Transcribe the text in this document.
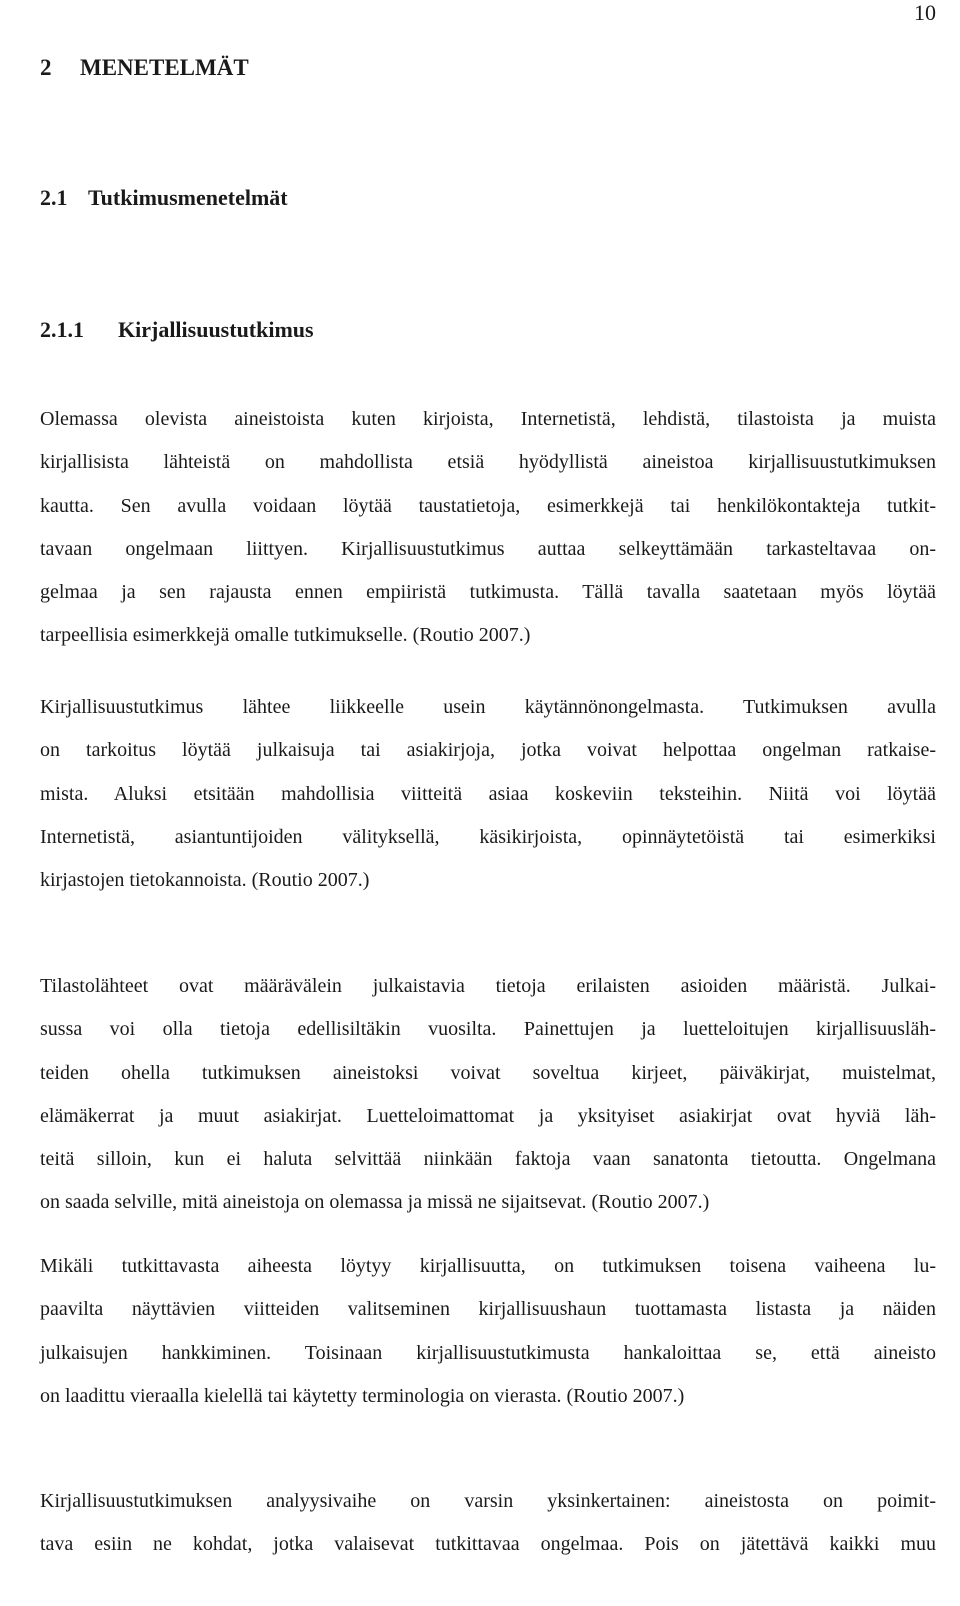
10
2 MENETELMÄT
2.1 Tutkimusmenetelmät
2.1.1 Kirjallisuustutkimus
Olemassa olevista aineistoista kuten kirjoista, Internetistä, lehdistä, tilastoista ja muista
kirjallisista lähteistä on mahdollista etsiä hyödyllistä aineistoa kirjallisuustutkimuksen
kautta. Sen avulla voidaan löytää taustatietoja, esimerkkejä tai henkilökontakteja tutkit-
tavaan ongelmaan liittyen. Kirjallisuustutkimus auttaa selkeyttämään tarkasteltavaa on-
gelmaa ja sen rajausta ennen empiiristä tutkimusta. Tällä tavalla saatetaan myös löytää
tarpeellisia esimerkkejä omalle tutkimukselle. (Routio 2007.)
Kirjallisuustutkimus lähtee liikkeelle usein käytännönongelmasta. Tutkimuksen avulla
on tarkoitus löytää julkaisuja tai asiakirjoja, jotka voivat helpottaa ongelman ratkaise-
mista. Aluksi etsitään mahdollisia viitteitä asiaa koskeviin teksteihin. Niitä voi löytää
Internetistä, asiantuntijoiden välityksellä, käsikirjoista, opinnäytetöistä tai esimerkiksi
kirjastojen tietokannoista. (Routio 2007.)
Tilastolähteet ovat määrävälein julkaistavia tietoja erilaisten asioiden määristä. Julkai-
sussa voi olla tietoja edellisiltäkin vuosilta. Painettujen ja luetteloitujen kirjallisuusläh-
teiden ohella tutkimuksen aineistoksi voivat soveltua kirjeet, päiväkirjat, muistelmat,
elämäkerrat ja muut asiakirjat. Luetteloimattomat ja yksityiset asiakirjat ovat hyviä läh-
teitä silloin, kun ei haluta selvittää niinkään faktoja vaan sanatonta tietoutta. Ongelmana
on saada selville, mitä aineistoja on olemassa ja missä ne sijaitsevat. (Routio 2007.)
Mikäli tutkittavasta aiheesta löytyy kirjallisuutta, on tutkimuksen toisena vaiheena lu-
paavilta näyttävien viitteiden valitseminen kirjallisuushaun tuottamasta listasta ja näiden
julkaisujen hankkiminen. Toisinaan kirjallisuustutkimusta hankaloittaa se, että aineisto
on laadittu vieraalla kielellä tai käytetty terminologia on vierasta. (Routio 2007.)
Kirjallisuustutkimuksen analyysivaihe on varsin yksinkertainen: aineistosta on poimit-
tava esiin ne kohdat, jotka valaisevat tutkittavaa ongelmaa. Pois on jätettävä kaikki muu
